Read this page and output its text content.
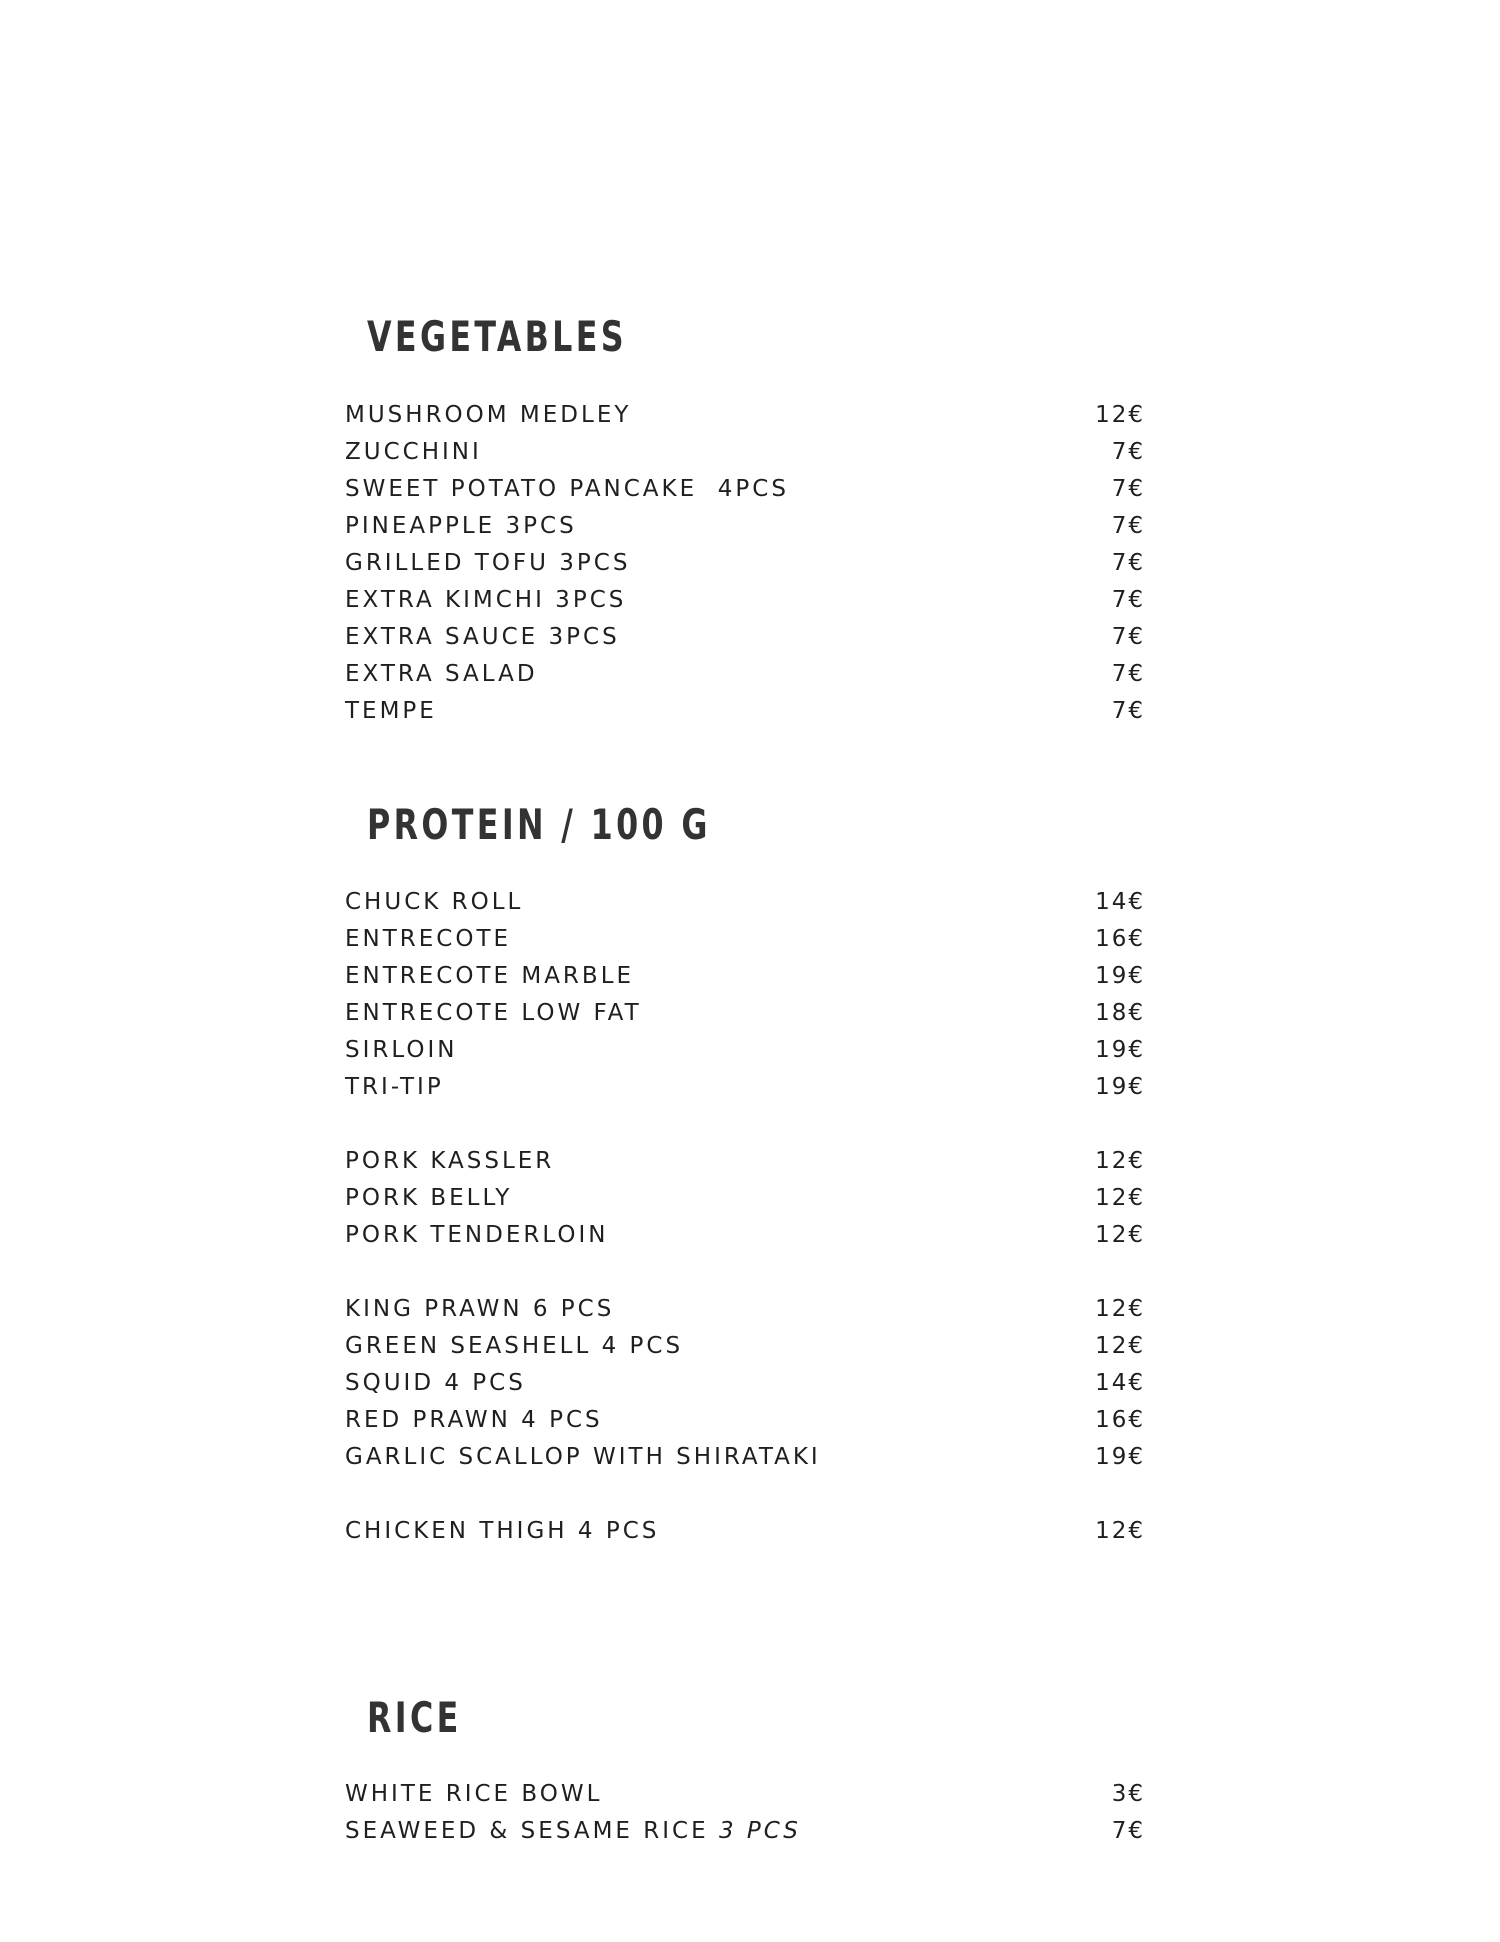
VEGETABLES
MUSHROOM MEDLEY	12€
ZUCCHINI	7€
SWEET POTATO PANCAKE  4PCS	7€
PINEAPPLE 3PCS	7€
GRILLED TOFU 3PCS	7€
EXTRA KIMCHI 3PCS	7€
EXTRA SAUCE 3PCS	7€
EXTRA SALAD	7€
TEMPE	7€
PROTEIN / 100 G
CHUCK ROLL	14€
ENTRECOTE	16€
ENTRECOTE MARBLE	19€
ENTRECOTE LOW FAT	18€
SIRLOIN	19€
TRI-TIP	19€
PORK KASSLER	12€
PORK BELLY	12€
PORK TENDERLOIN	12€
KING PRAWN 6 PCS	12€
GREEN SEASHELL 4 PCS	12€
SQUID 4 PCS	14€
RED PRAWN 4 PCS	16€
GARLIC SCALLOP WITH SHIRATAKI	19€
CHICKEN THIGH 4 PCS	12€
RICE
WHITE RICE BOWL	3€
SEAWEED & SESAME RICE 3 PCS	7€
